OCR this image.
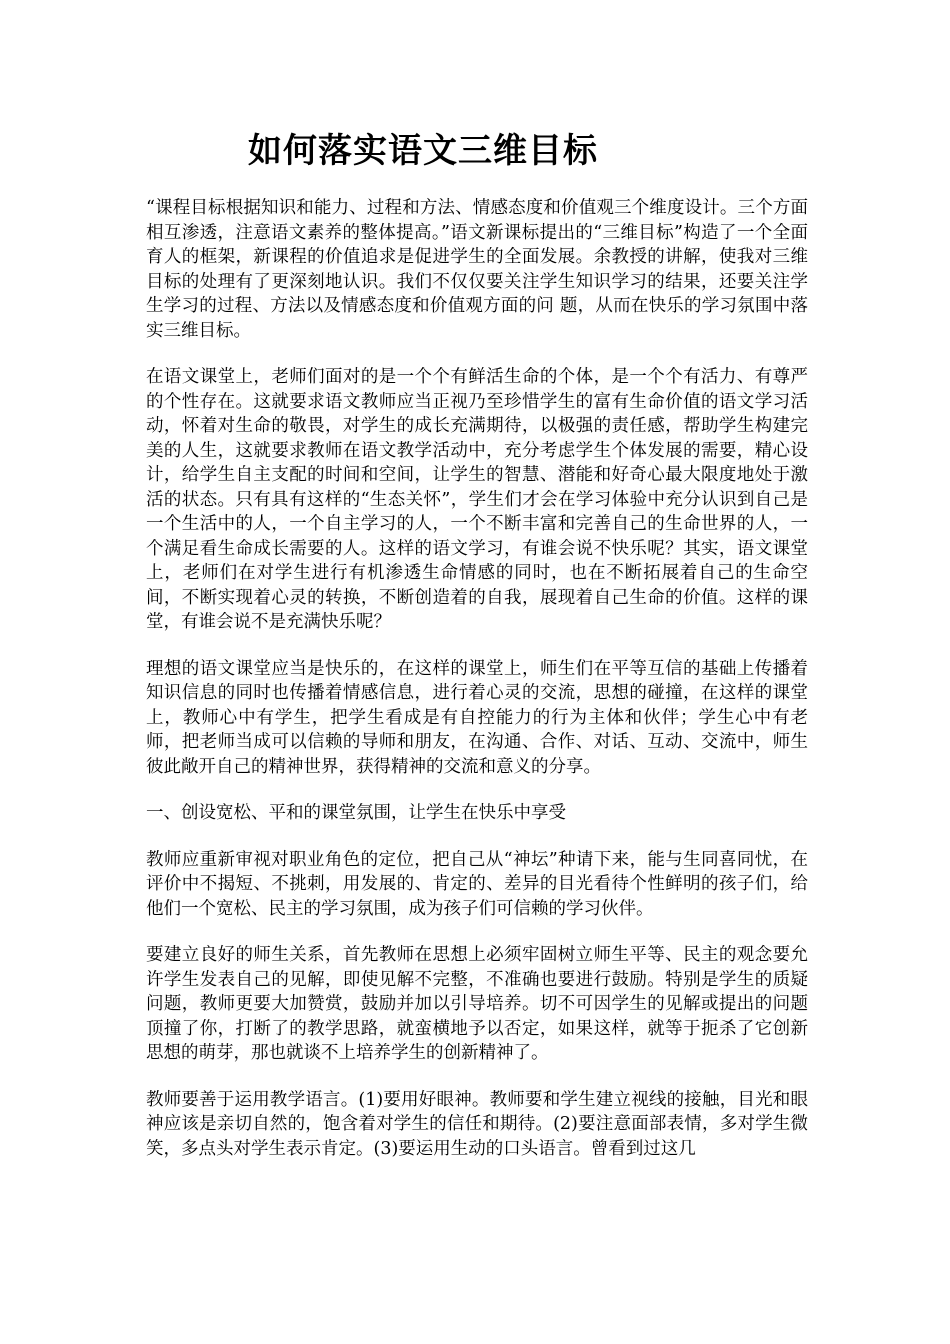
如何落实语文三维目标

“课程目标根据知识和能力、过程和方法、情感态度和价值观三个维度设计。三个方面相互渗透，注意语文素养的整体提高。”语文新课标提出的“三维目标”构造了一个全面育人的框架，新课程的价值追求是促进学生的全面发展。余教授的讲解，使我对三维目标的处理有了更深刻地认识。我们不仅仅要关注学生知识学习的结果，还要关注学生学习的过程、方法以及情感态度和价值观方面的问 题，从而在快乐的学习氛围中落实三维目标。

在语文课堂上，老师们面对的是一个个有鲜活生命的个体，是一个个有活力、有尊严的个性存在。这就要求语文教师应当正视乃至珍惜学生的富有生命价值的语文学习活动，怀着对生命的敬畏，对学生的成长充满期待，以极强的责任感，帮助学生构建完美的人生，这就要求教师在语文教学活动中，充分考虑学生个体发展的需要，精心设计，给学生自主支配的时间和空间，让学生的智慧、潜能和好奇心最大限度地处于激活的状态。只有具有这样的“生态关怀”，学生们才会在学习体验中充分认识到自己是一个生活中的人，一个自主学习的人，一个不断丰富和完善自己的生命世界的人，一个满足看生命成长需要的人。这样的语文学习，有谁会说不快乐呢？其实，语文课堂上，老师们在对学生进行有机渗透生命情感的同时，也在不断拓展着自己的生命空间，不断实现着心灵的转换，不断创造着的自我，展现着自己生命的价值。这样的课堂，有谁会说不是充满快乐呢？

理想的语文课堂应当是快乐的，在这样的课堂上，师生们在平等互信的基础上传播着知识信息的同时也传播着情感信息，进行着心灵的交流，思想的碰撞，在这样的课堂上，教师心中有学生，把学生看成是有自控能力的行为主体和伙伴；学生心中有老师，把老师当成可以信赖的导师和朋友，在沟通、合作、对话、互动、交流中，师生彼此敞开自己的精神世界，获得精神的交流和意义的分享。

一、创设宽松、平和的课堂氛围，让学生在快乐中享受

教师应重新审视对职业角色的定位，把自己从“神坛”种请下来，能与生同喜同忧，在评价中不揭短、不挑刺，用发展的、肯定的、差异的目光看待个性鲜明的孩子们，给他们一个宽松、民主的学习氛围，成为孩子们可信赖的学习伙伴。

要建立良好的师生关系，首先教师在思想上必须牢固树立师生平等、民主的观念要允许学生发表自己的见解，即使见解不完整，不准确也要进行鼓励。特别是学生的质疑问题，教师更要大加赞赏，鼓励并加以引导培养。切不可因学生的见解或提出的问题顶撞了你，打断了的教学思路，就蛮横地予以否定，如果这样，就等于扼杀了它创新思想的萌芽，那也就谈不上培养学生的创新精神了。

教师要善于运用教学语言。(1)要用好眼神。教师要和学生建立视线的接触，目光和眼神应该是亲切自然的，饱含着对学生的信任和期待。(2)要注意面部表情，多对学生微笑，多点头对学生表示肯定。(3)要运用生动的口头语言。曾看到过这几
